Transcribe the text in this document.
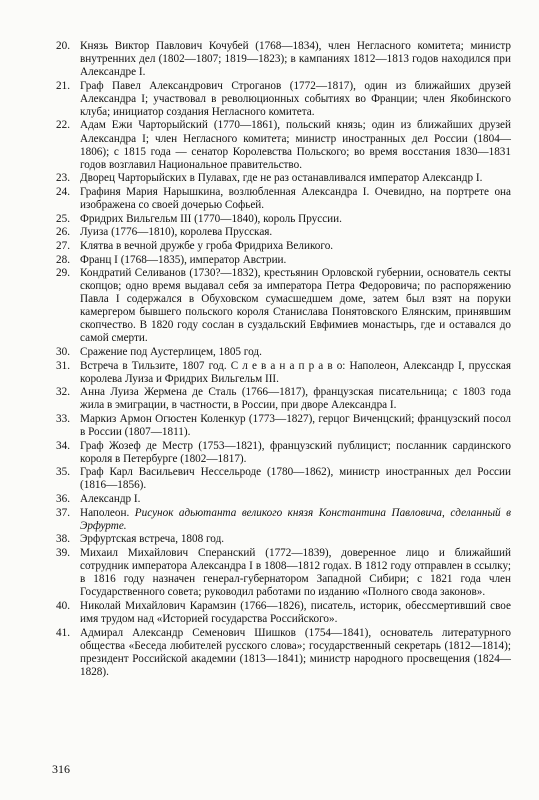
20. Князь Виктор Павлович Кочубей (1768—1834), член Негласного комитета; министр внутренних дел (1802—1807; 1819—1823); в кампаниях 1812—1813 годов находился при Александре I.
21. Граф Павел Александрович Строганов (1772—1817), один из ближайших друзей Александра I; участвовал в революционных событиях во Франции; член Якобинского клуба; инициатор создания Негласного комитета.
22. Адам Ежи Чарторыйский (1770—1861), польский князь; один из ближайших друзей Александра I; член Негласного комитета; министр иностранных дел России (1804—1806); с 1815 года — сенатор Королевства Польского; во время восстания 1830—1831 годов возглавил Национальное правительство.
23. Дворец Чарторыйских в Пулавах, где не раз останавливался император Александр I.
24. Графиня Мария Нарышкина, возлюбленная Александра I. Очевидно, на портрете она изображена со своей дочерью Софьей.
25. Фридрих Вильгельм III (1770—1840), король Пруссии.
26. Луиза (1776—1810), королева Прусская.
27. Клятва в вечной дружбе у гроба Фридриха Великого.
28. Франц I (1768—1835), император Австрии.
29. Кондратий Селиванов (1730?—1832), крестьянин Орловской губернии, основатель секты скопцов; одно время выдавал себя за императора Петра Федоровича; по распоряжению Павла I содержался в Обуховском сумасшедшем доме, затем был взят на поруки камергером бывшего польского короля Станислава Понятовского Елянским, принявшим скопчество. В 1820 году сослан в суздальский Евфимиев монастырь, где и оставался до самой смерти.
30. Сражение под Аустерлицем, 1805 год.
31. Встреча в Тильзите, 1807 год. С л е в а н а п р а в о: Наполеон, Александр I, прусская королева Луиза и Фридрих Вильгельм III.
32. Анна Луиза Жермена де Сталь (1766—1817), французская писательница; с 1803 года жила в эмиграции, в частности, в России, при дворе Александра I.
33. Маркиз Армон Огюстен Коленкур (1773—1827), герцог Виченцский; французский посол в России (1807—1811).
34. Граф Жозеф де Местр (1753—1821), французский публицист; посланник сардинского короля в Петербурге (1802—1817).
35. Граф Карл Васильевич Нессельроде (1780—1862), министр иностранных дел России (1816—1856).
36. Александр I.
37. Наполеон. Рисунок адьютанта великого князя Константина Павловича, сделанный в Эрфурте.
38. Эрфуртская встреча, 1808 год.
39. Михаил Михайлович Сперанский (1772—1839), доверенное лицо и ближайший сотрудник императора Александра I в 1808—1812 годах. В 1812 году отправлен в ссылку; в 1816 году назначен генерал-губернатором Западной Сибири; с 1821 года член Государственного совета; руководил работами по изданию «Полного свода законов».
40. Николай Михайлович Карамзин (1766—1826), писатель, историк, обессмертивший свое имя трудом над «Историей государства Российского».
41. Адмирал Александр Семенович Шишков (1754—1841), основатель литературного общества «Беседа любителей русского слова»; государственный секретарь (1812—1814); президент Российской академии (1813—1841); министр народного просвещения (1824—1828).
316
